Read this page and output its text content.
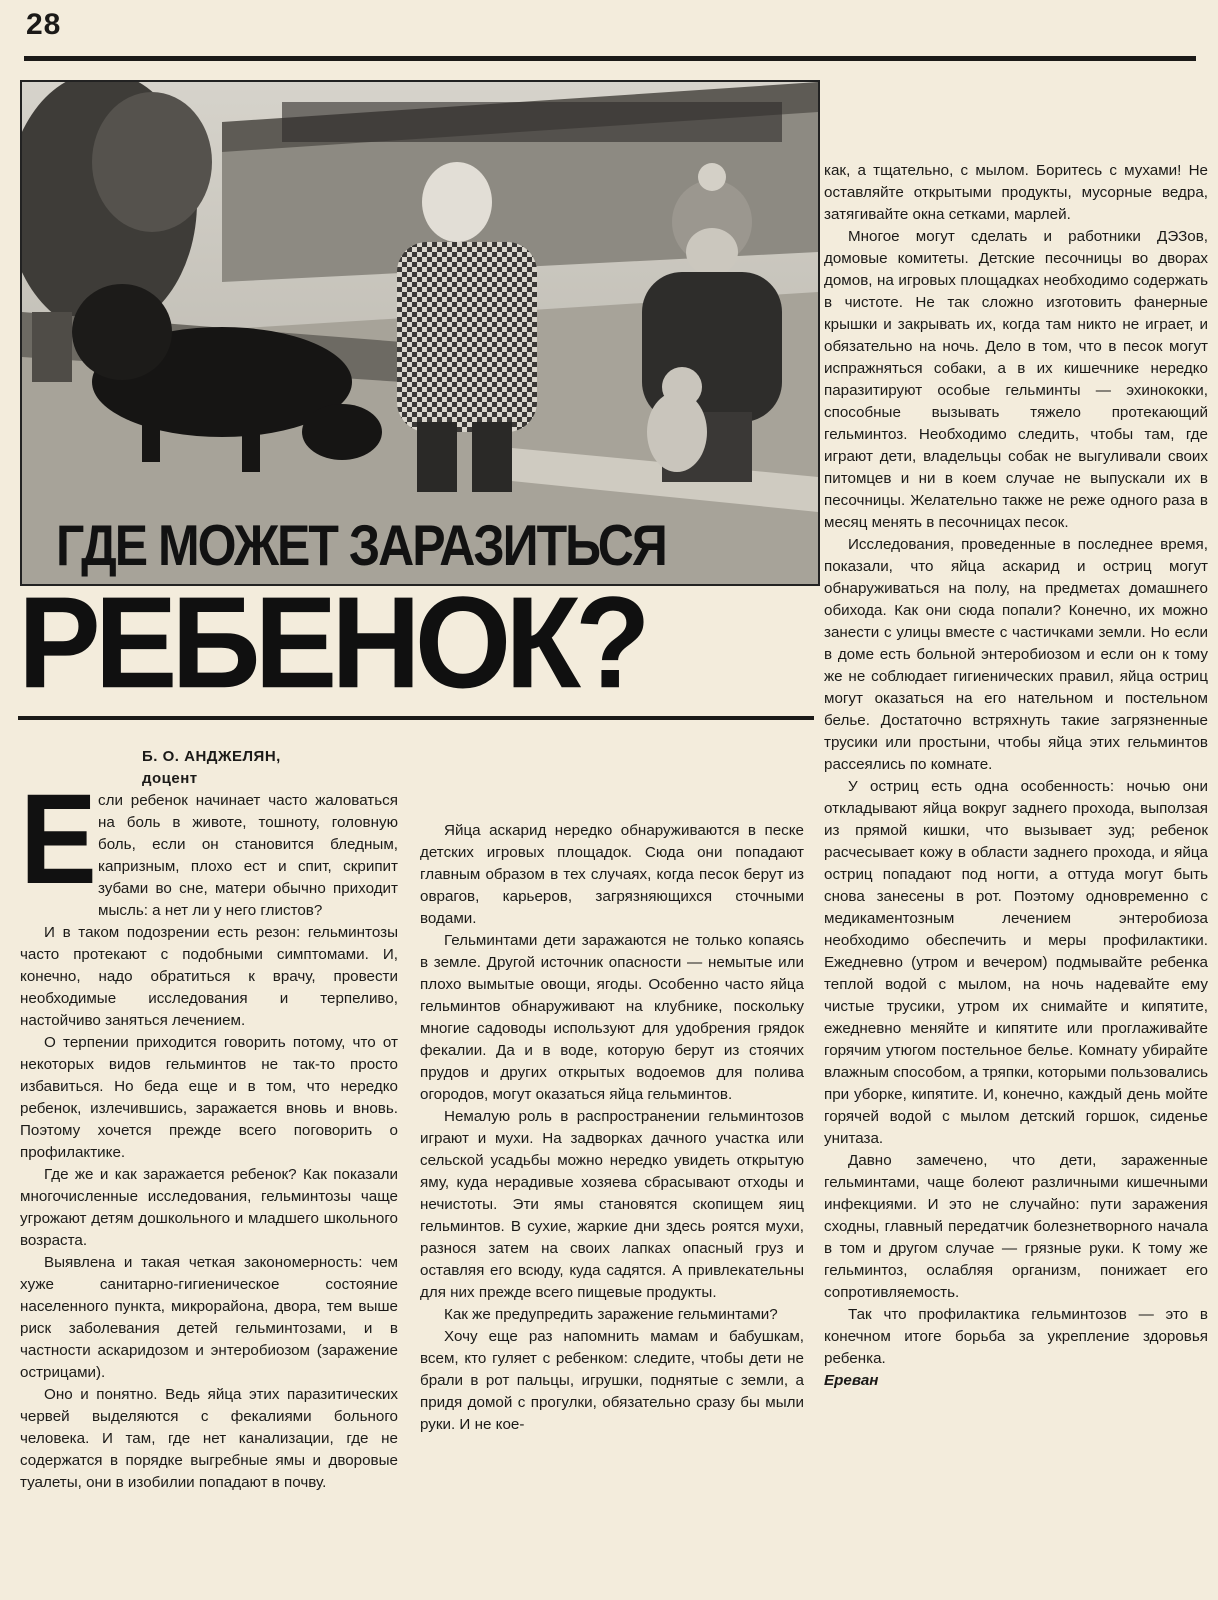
28
ГДЕ МОЖЕТ ЗАРАЗИТЬСЯ
РЕБЕНОК?
Б. О. АНДЖЕЛЯН,
доцент
Е сли ребенок начинает часто жаловаться на боль в животе, тошноту, головную боль, если он становится бледным, капризным, плохо ест и спит, скрипит зубами во сне, матери обычно приходит мысль: а нет ли у него глистов?

И в таком подозрении есть резон: гельминтозы часто протекают с подобными симптомами. И, конечно, надо обратиться к врачу, провести необходимые исследования и терпеливо, настойчиво заняться лечением.

О терпении приходится говорить потому, что от некоторых видов гельминтов не так-то просто избавиться. Но беда еще и в том, что нередко ребенок, излечившись, заражается вновь и вновь. Поэтому хочется прежде всего поговорить о профилактике.

Где же и как заражается ребенок? Как показали многочисленные исследования, гельминтозы чаще угрожают детям дошкольного и младшего школьного возраста.

Выявлена и такая четкая закономерность: чем хуже санитарно-гигиеническое состояние населенного пункта, микрорайона, двора, тем выше риск заболевания детей гельминтозами, и в частности аскаридозом и энтеробиозом (заражение острицами).

Оно и понятно. Ведь яйца этих паразитических червей выделяются с фекалиями больного человека. И там, где нет канализации, где не содержатся в порядке выгребные ямы и дворовые туалеты, они в изобилии попадают в почву.

Яйца аскарид нередко обнаруживаются в песке детских игровых площадок. Сюда они попадают главным образом в тех случаях, когда песок берут из оврагов, карьеров, загрязняющихся сточными водами.

Гельминтами дети заражаются не только копаясь в земле. Другой источник опасности — немытые или плохо вымытые овощи, ягоды. Особенно часто яйца гельминтов обнаруживают на клубнике, поскольку многие садоводы используют для удобрения грядок фекалии. Да и в воде, которую берут из стоячих прудов и других открытых водоемов для полива огородов, могут оказаться яйца гельминтов.

Немалую роль в распространении гельминтозов играют и мухи. На задворках дачного участка или сельской усадьбы можно нередко увидеть открытую яму, куда нерадивые хозяева сбрасывают отходы и нечистоты. Эти ямы становятся скопищем яиц гельминтов. В сухие, жаркие дни здесь роятся мухи, разнося затем на своих лапках опасный груз и оставляя его всюду, куда садятся. А привлекательны для них прежде всего пищевые продукты.

Как же предупредить заражение гельминтами?

Хочу еще раз напомнить мамам и бабушкам, всем, кто гуляет с ребенком: следите, чтобы дети не брали в рот пальцы, игрушки, поднятые с земли, а придя домой с прогулки, обязательно сразу бы мыли руки. И не кое-

как, а тщательно, с мылом. Боритесь с мухами! Не оставляйте открытыми продукты, мусорные ведра, затягивайте окна сетками, марлей.

Многое могут сделать и работники ДЭЗов, домовые комитеты. Детские песочницы во дворах домов, на игровых площадках необходимо содержать в чистоте. Не так сложно изготовить фанерные крышки и закрывать их, когда там никто не играет, и обязательно на ночь. Дело в том, что в песок могут испражняться собаки, а в их кишечнике нередко паразитируют особые гельминты — эхинококки, способные вызывать тяжело протекающий гельминтоз. Необходимо следить, чтобы там, где играют дети, владельцы собак не выгуливали своих питомцев и ни в коем случае не выпускали их в песочницы. Желательно также не реже одного раза в месяц менять в песочницах песок.

Исследования, проведенные в последнее время, показали, что яйца аскарид и остриц могут обнаруживаться на полу, на предметах домашнего обихода. Как они сюда попали? Конечно, их можно занести с улицы вместе с частичками земли. Но если в доме есть больной энтеробиозом и если он к тому же не соблюдает гигиенических правил, яйца остриц могут оказаться на его нательном и постельном белье. Достаточно встряхнуть такие загрязненные трусики или простыни, чтобы яйца этих гельминтов рассеялись по комнате.

У остриц есть одна особенность: ночью они откладывают яйца вокруг заднего прохода, выползая из прямой кишки, что вызывает зуд; ребенок расчесывает кожу в области заднего прохода, и яйца остриц попадают под ногти, а оттуда могут быть снова занесены в рот. Поэтому одновременно с медикаментозным лечением энтеробиоза необходимо обеспечить и меры профилактики. Ежедневно (утром и вечером) подмывайте ребенка теплой водой с мылом, на ночь надевайте ему чистые трусики, утром их снимайте и кипятите, ежедневно меняйте и кипятите или проглаживайте горячим утюгом постельное белье. Комнату убирайте влажным способом, а тряпки, которыми пользовались при уборке, кипятите. И, конечно, каждый день мойте горячей водой с мылом детский горшок, сиденье унитаза.

Давно замечено, что дети, зараженные гельминтами, чаще болеют различными кишечными инфекциями. И это не случайно: пути заражения сходны, главный передатчик болезнетворного начала в том и другом случае — грязные руки. К тому же гельминтоз, ослабляя организм, понижает его сопротивляемость.

Так что профилактика гельминтозов — это в конечном итоге борьба за укрепление здоровья ребенка.

Ереван
